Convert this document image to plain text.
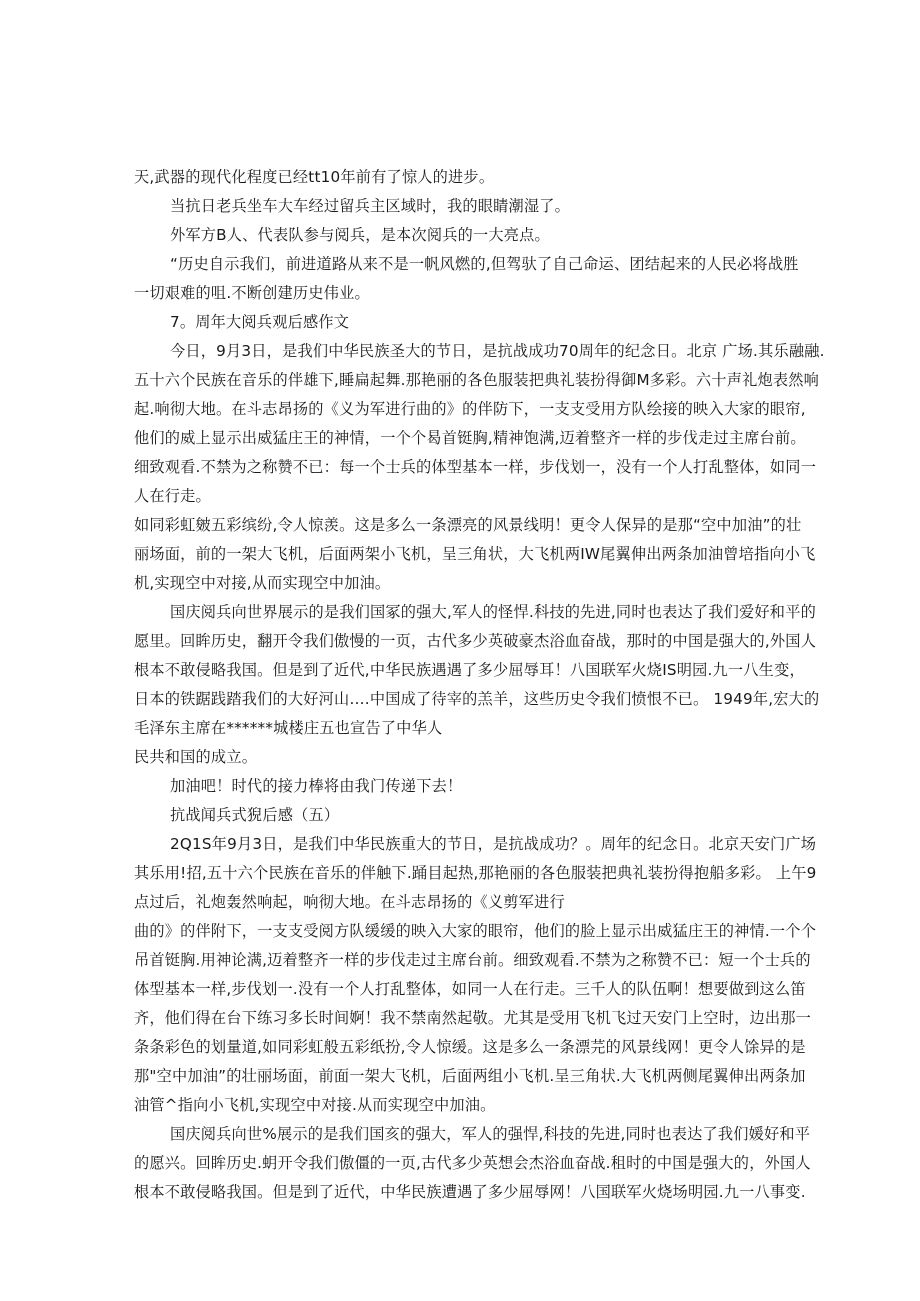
天,武器的现代化程度已经tt10年前有了惊人的进步。
当抗日老兵坐车大车经过留兵主区域时，我的眼睛潮湿了。
外军方B人、代表队参与阅兵，是本次阅兵的一大亮点。
“历史自示我们，前进道路从来不是一帆风燃的,但驾驮了自己命运、团结起来的人民必将战胜
一切艰难的咀.不断创建历史伟业。
7。周年大阅兵观后感作文
今日，9月3日，是我们中华民族圣大的节日，是抗战成功70周年的纪念日。北京 广场.其乐融融.
五十六个民族在音乐的伴雄下,睡扁起舞.那艳丽的各色服装把典礼装扮得御M多彩。六十声礼炮表然响
起.响彻大地。在斗志昂扬的《义为军进行曲的》的伴防下，一支支受用方队绘接的映入大家的眼帘,
他们的威上显示出威猛庄王的神情，一个个曷首铤胸,精神饱满,迈着整齐一样的步伐走过主席台前。
细致观看.不禁为之称赞不已：每一个士兵的体型基本一样，步伐划一，没有一个人打乱整体，如同一
人在行走。
如同彩虹皴五彩缤纷,令人惊羡。这是多么一条漂亮的风景线明！更令人保异的是那“空中加油”的壮
丽场面，前的一架大飞机，后面两架小飞机，呈三角状，大飞机两IW尾翼伸出两条加油曾培指向小飞
机,实现空中对接,从而实现空中加油。
国庆阅兵向世界展示的是我们国冢的强大,军人的怪悍.科技的先进,同时也表达了我们爱好和平的
愿里。回眸历史，翻开令我们傲慢的一页，古代多少英破豪杰浴血奋战，那时的中国是强大的,外国人
根本不敢侵略我国。但是到了近代,中华民族遇遇了多少屈辱耳！八国联军火烧IS明园.九一八生变，
日本的铁踞践踏我们的大好河山….中国成了待宰的羔羊，这些历史令我们愤恨不已。 1949年,宏大的
毛泽东主席在******城楼庄五也宣告了中华人
民共和国的成立。
加油吧！时代的接力棒将由我门传递下去！
抗战闻兵式猊后感（五）
2Q1S年9月3日，是我们中华民族重大的节日，是抗战成功？。周年的纪念日。北京天安门广场
其乐用!招,五十六个民族在音乐的伴触下.踊目起热,那艳丽的各色服装把典礼装扮得抱船多彩。 上午9
点过后，礼炮轰然响起，响彻大地。在斗志昂扬的《义剪军进行
曲的》的伴附下，一支支受阅方队缓缓的映入大家的眼帘，他们的脸上显示出威猛庄王的神情.一个个
吊首铤胸.用神论满,迈着整齐一样的步伐走过主席台前。细致观看.不禁为之称赞不已：短一个士兵的
体型基本一样,步伐划一.没有一个人打乱整体，如同一人在行走。三千人的队伍啊！想要做到这么笛
齐，他们得在台下练习多长时间婀！我不禁南然起敬。尤其是受用飞机飞过天安门上空时，边出那一
条条彩色的划量道,如同彩虹般五彩纸扮,令人惊缓。这是多么一条漂芫的风景线网！更令人馀异的是
那"空中加油”的壮丽场面，前面一架大飞机，后面两组小飞机.呈三角状.大飞机两侧尾翼伸出两条加
油管^指向小飞机,实现空中对接.从而实现空中加油。
国庆阅兵向世%展示的是我们国亥的强大，军人的强悍,科技的先进,同时也表达了我们媛好和平
的愿兴。回眸历史.蚏开令我们傲僵的一页,古代多少英想会杰浴血奋战.租时的中国是强大的，外国人
根本不敢侵略我国。但是到了近代，中华民族遭遇了多少屈辱网！八国联军火烧场明园.九一八事变.
